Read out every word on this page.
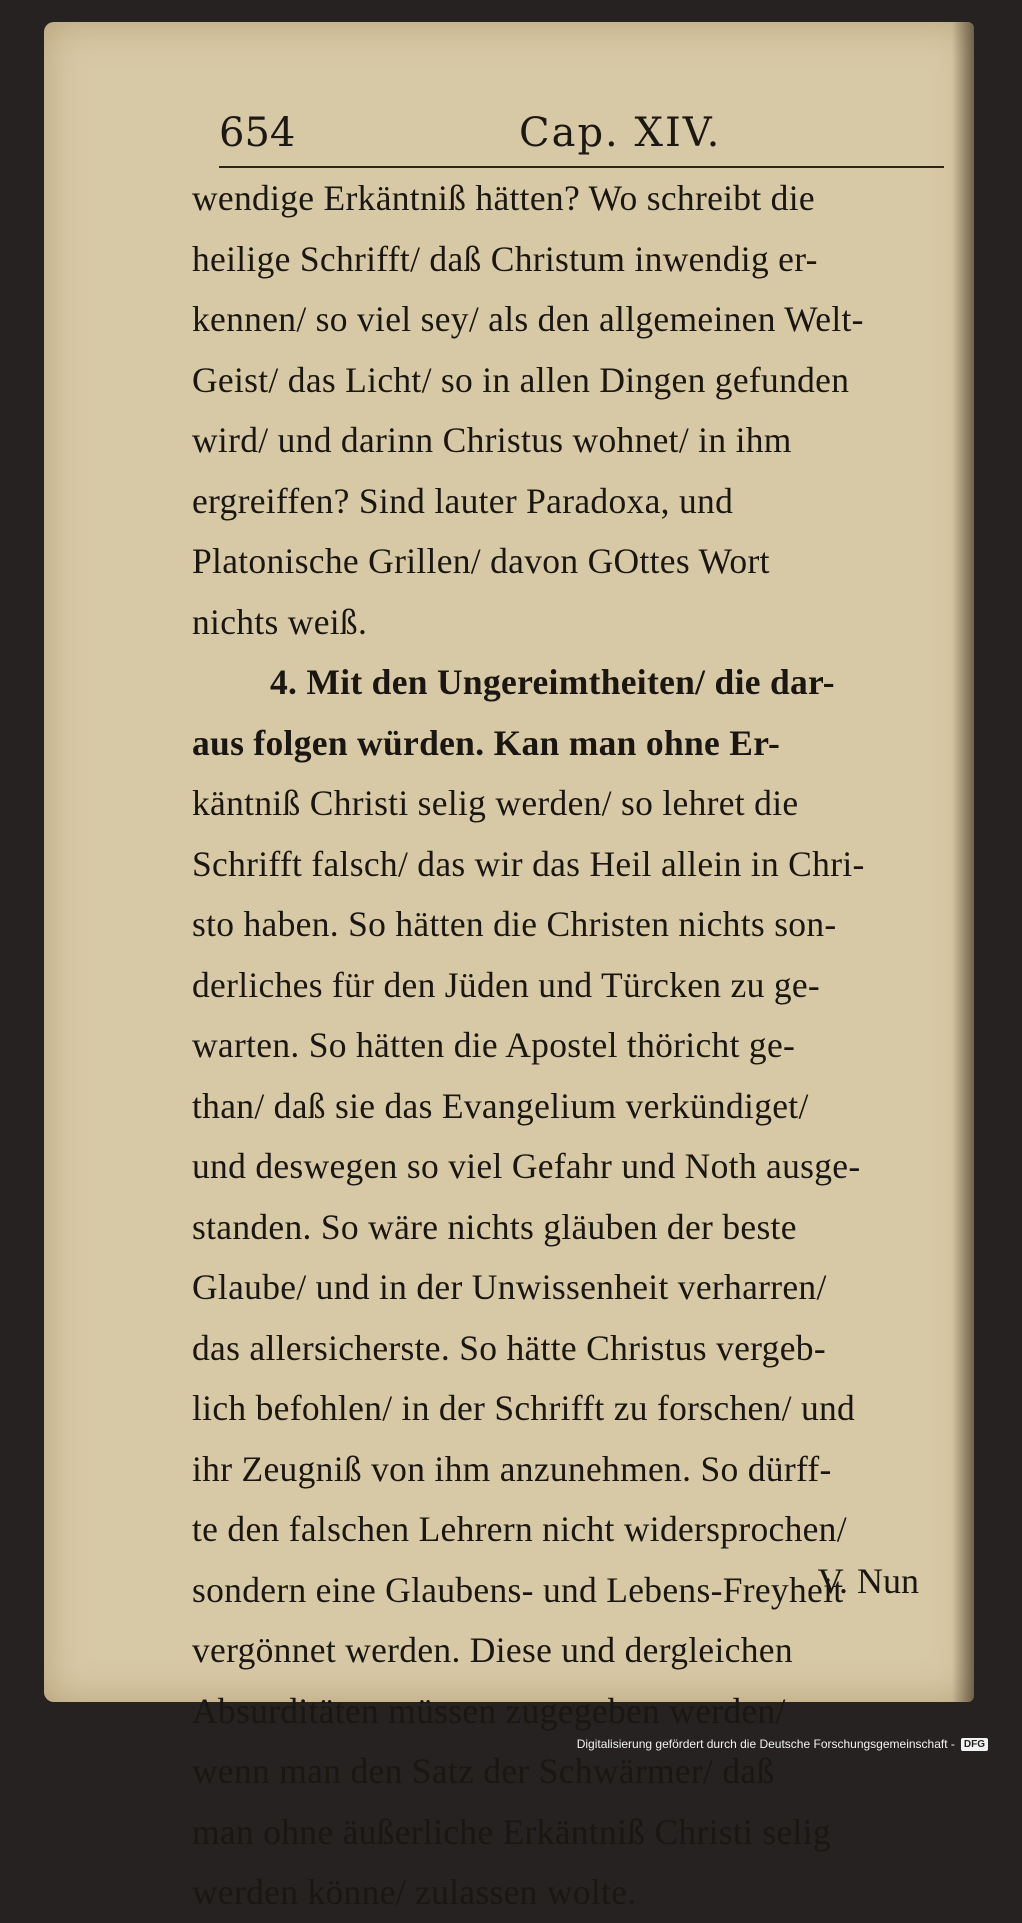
654	Cap. XIV.
wendige Erkäntniß hätten? Wo schreibt die
heilige Schrifft/ daß Christum inwendig er-
kennen/ so viel sey/ als den allgemeinen Welt-
Geist/ das Licht/ so in allen Dingen gefunden
wird/ und darinn Christus wohnet/ in ihm
ergreiffen? Sind lauter Paradoxa, und
Platonische Grillen/ davon GOttes Wort
nichts weiß.
4. Mit den Ungereimtheiten/ die dar-
aus folgen würden. Kan man ohne Er-
käntniß Christi selig werden/ so lehret die
Schrifft falsch/ das wir das Heil allein in Chri-
sto haben. So hätten die Christen nichts son-
derliches für den Jüden und Türcken zu ge-
warten. So hätten die Apostel thöricht ge-
than/ daß sie das Evangelium verkündiget/
und deswegen so viel Gefahr und Noth ausge-
standen. So wäre nichts gläuben der beste
Glaube/ und in der Unwissenheit verharren/
das allersicherste. So hätte Christus vergeb-
lich befohlen/ in der Schrifft zu forschen/ und
ihr Zeugniß von ihm anzunehmen. So dürff-
te den falschen Lehrern nicht widersprochen/
sondern eine Glaubens- und Lebens-Freyheit
vergönnet werden. Diese und dergleichen
Absurditäten müssen zugegeben werden/
wenn man den Satz der Schwärmer/ daß
man ohne äußerliche Erkäntniß Christi selig
werden könne/ zulassen wolte.
V. Nun
Digitalisierung gefördert durch die Deutsche Forschungsgemeinschaft - DFG
